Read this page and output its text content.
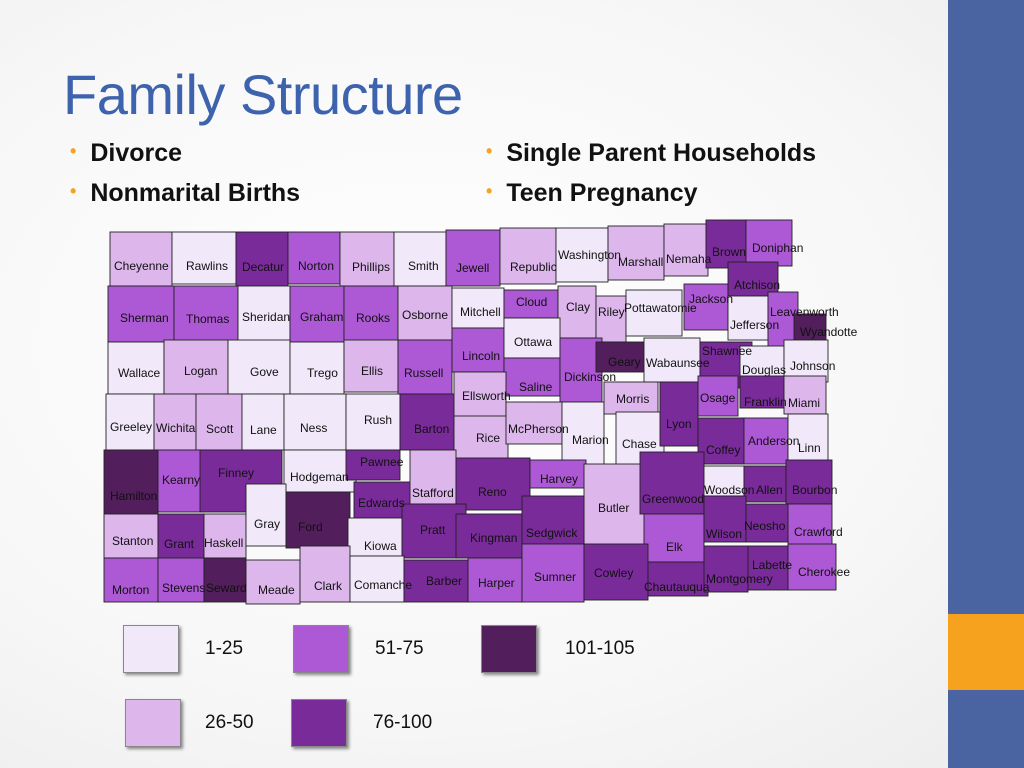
Family Structure
• Divorce
• Nonmarital Births
• Single Parent Households
• Teen Pregnancy
Cheyenne Rawlins Decatur Norton Phillips Smith Jewell Republic
Washington
Marshall Nemaha Brown Doniphan
Sherman Thomas Sheridan Graham Rooks Osborne Mitchell
Cloud Clay Riley Pottawatomie
Jackson
Atchison
Jefferson
Leavenworth
Wyandotte
Wallace Logan	Gove Trego Ellis Russell
Lincoln
Ottawa
Saline
Dickinson
Geary Wabaunsee
Shawnee
Douglas Johnson
Greeley Wichita Scott Lane Ness
Rush
Barton
Ellsworth
Rice
McPherson
Marion
Morris
Chase
Lyon
Osage Franklin Miami
Coffey
Anderson
Linn
Hamilton
Kearny Finney	Hodgeman
Pawnee
Edwards
Stafford Reno
Harvey
Butler
Greenwood
Woodson Allen Bourbon
Stanton Grant Haskell
Gray Ford
Kiowa
Pratt
Kingman Sedgwick
Elk
Wilson
Neosho Crawford
Morton Stevens Seward Meade Clark Comanche Barber Harper Sumner Cowley
Chautauqua
Montgomery
Labette Cherokee
1-25	51-75	101-105
26-50	76-100
